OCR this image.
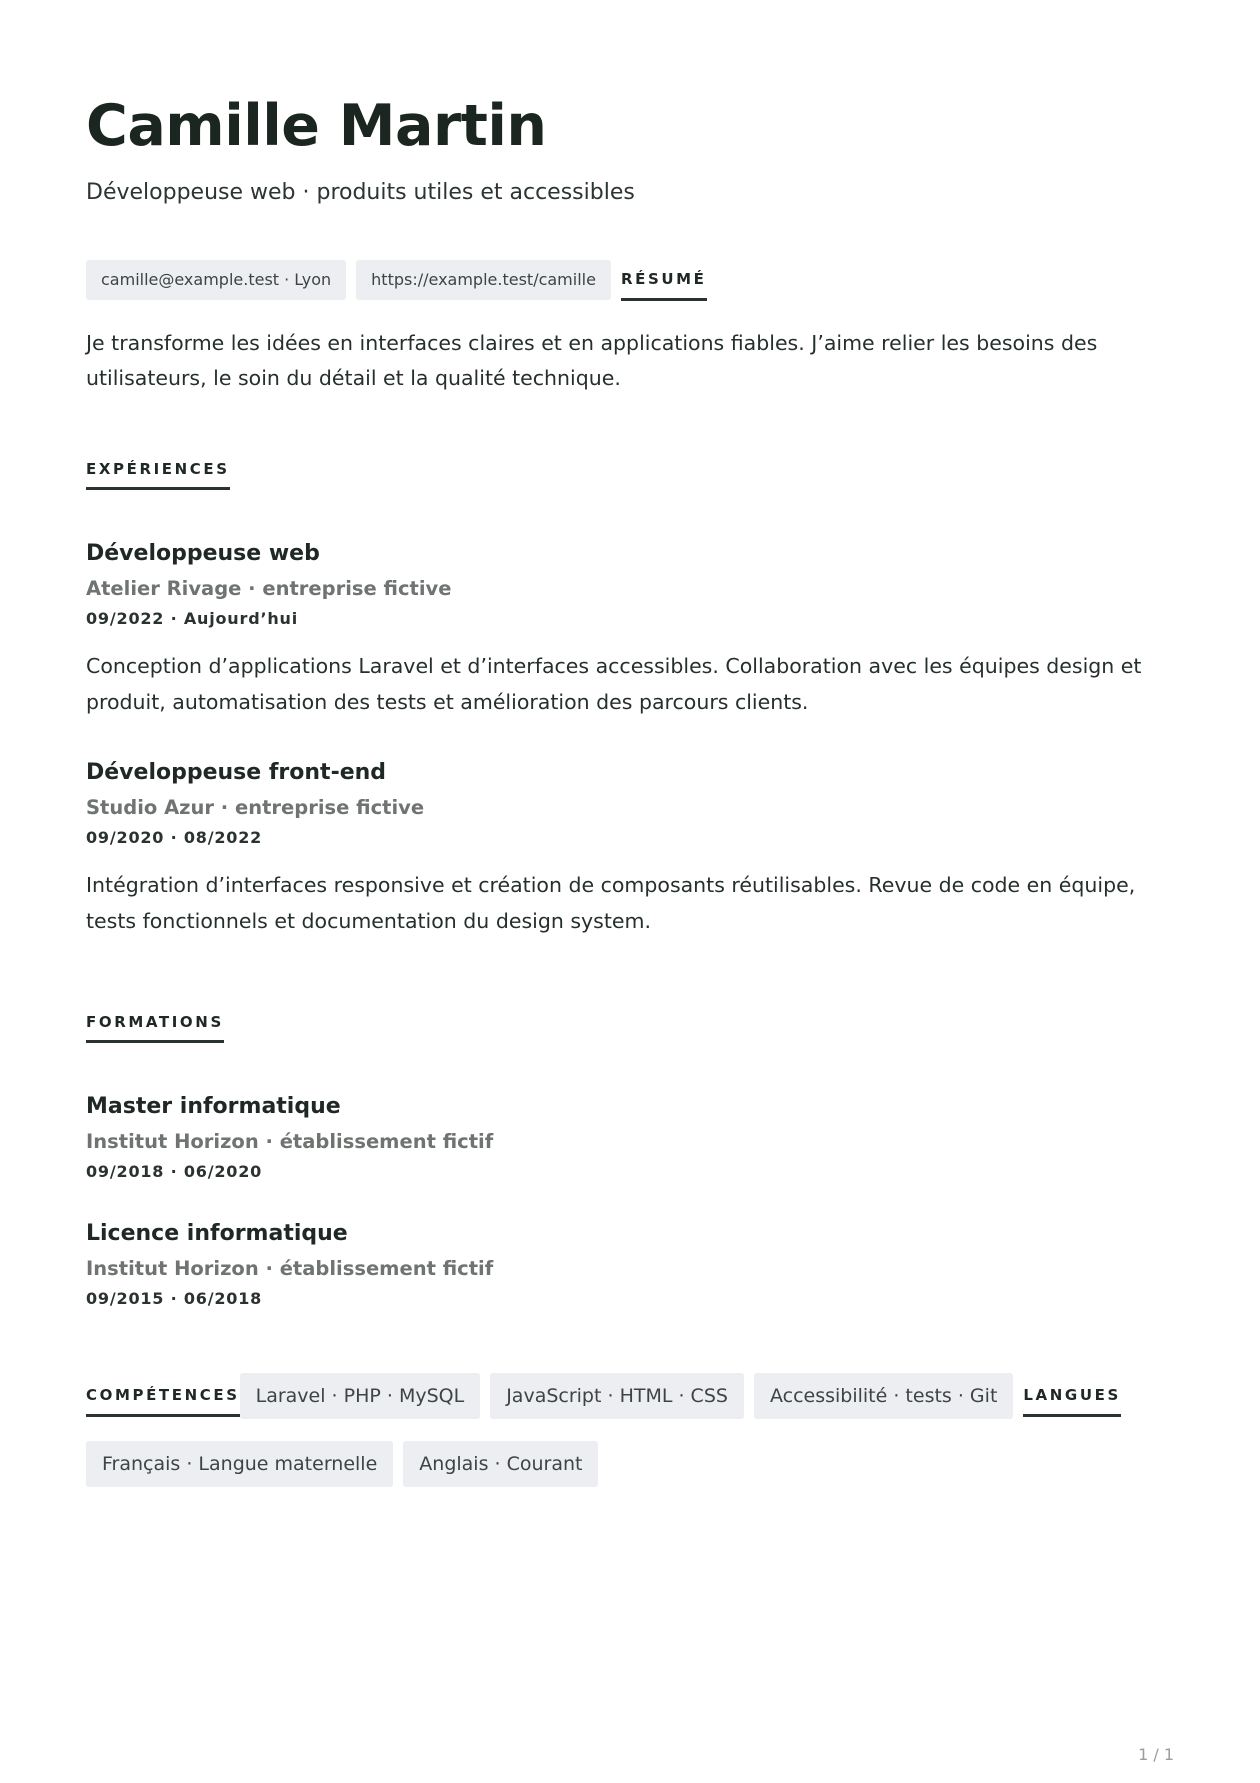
Camille Martin
Développeuse web · produits utiles et accessibles
camille@example.test · Lyon	https://example.test/camille	RÉSUMÉ

Je transforme les idées en interfaces claires et en applications fiables. J’aime relier les besoins des utilisateurs, le soin du détail et la qualité technique.

EXPÉRIENCES
Développeuse web
Atelier Rivage · entreprise fictive
09/2022 · Aujourd’hui
Conception d’applications Laravel et d’interfaces accessibles. Collaboration avec les équipes design et produit, automatisation des tests et amélioration des parcours clients.
Développeuse front-end
Studio Azur · entreprise fictive
09/2020 · 08/2022
Intégration d’interfaces responsive et création de composants réutilisables. Revue de code en équipe, tests fonctionnels et documentation du design system.
FORMATIONS
Master informatique
Institut Horizon · établissement fictif
09/2018 · 06/2020
Licence informatique
Institut Horizon · établissement fictif
09/2015 · 06/2018
COMPÉTENCES Laravel · PHP · MySQL	JavaScript · HTML · CSS	Accessibilité · tests · Git	LANGUES
Français · Langue maternelle	Anglais · Courant
1 / 1
